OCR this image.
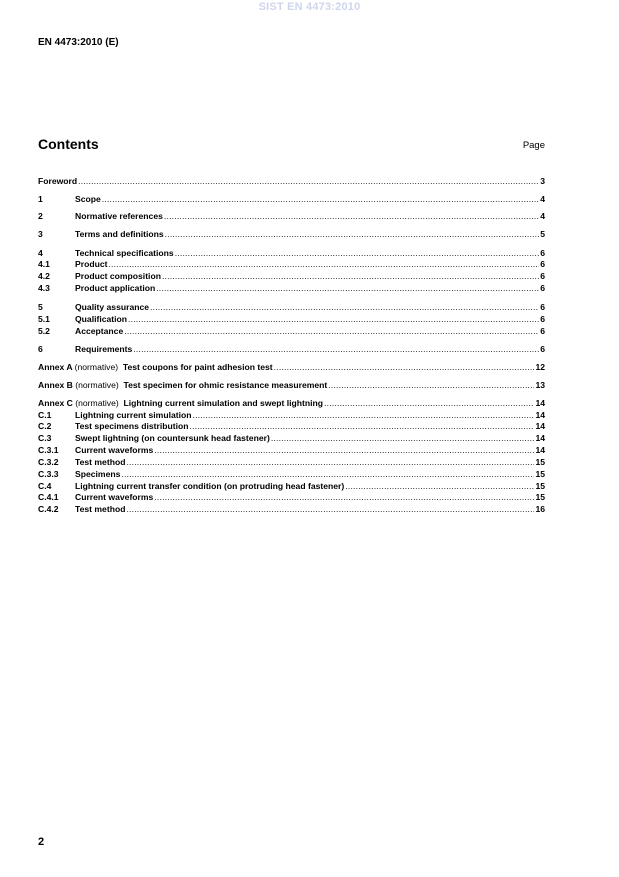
SIST EN 4473:2010
EN 4473:2010 (E)
Contents	Page
Foreword .....	3
1	Scope .....	4
2	Normative references .....	4
3	Terms and definitions .....	5
4	Technical specifications .....	6
4.1	Product .....	6
4.2	Product composition .....	6
4.3	Product application .....	6
5	Quality assurance .....	6
5.1	Qualification .....	6
5.2	Acceptance .....	6
6	Requirements .....	6
Annex A (normative) Test coupons for paint adhesion test .....	12
Annex B (normative) Test specimen for ohmic resistance measurement .....	13
Annex C (normative) Lightning current simulation and swept lightning .....	14
C.1	Lightning current simulation .....	14
C.2	Test specimens distribution .....	14
C.3	Swept lightning (on countersunk head fastener) .....	14
C.3.1	Current waveforms .....	14
C.3.2	Test method .....	15
C.3.3	Specimens .....	15
C.4	Lightning current transfer condition (on protruding head fastener) .....	15
C.4.1	Current waveforms .....	15
C.4.2	Test method .....	16
2
